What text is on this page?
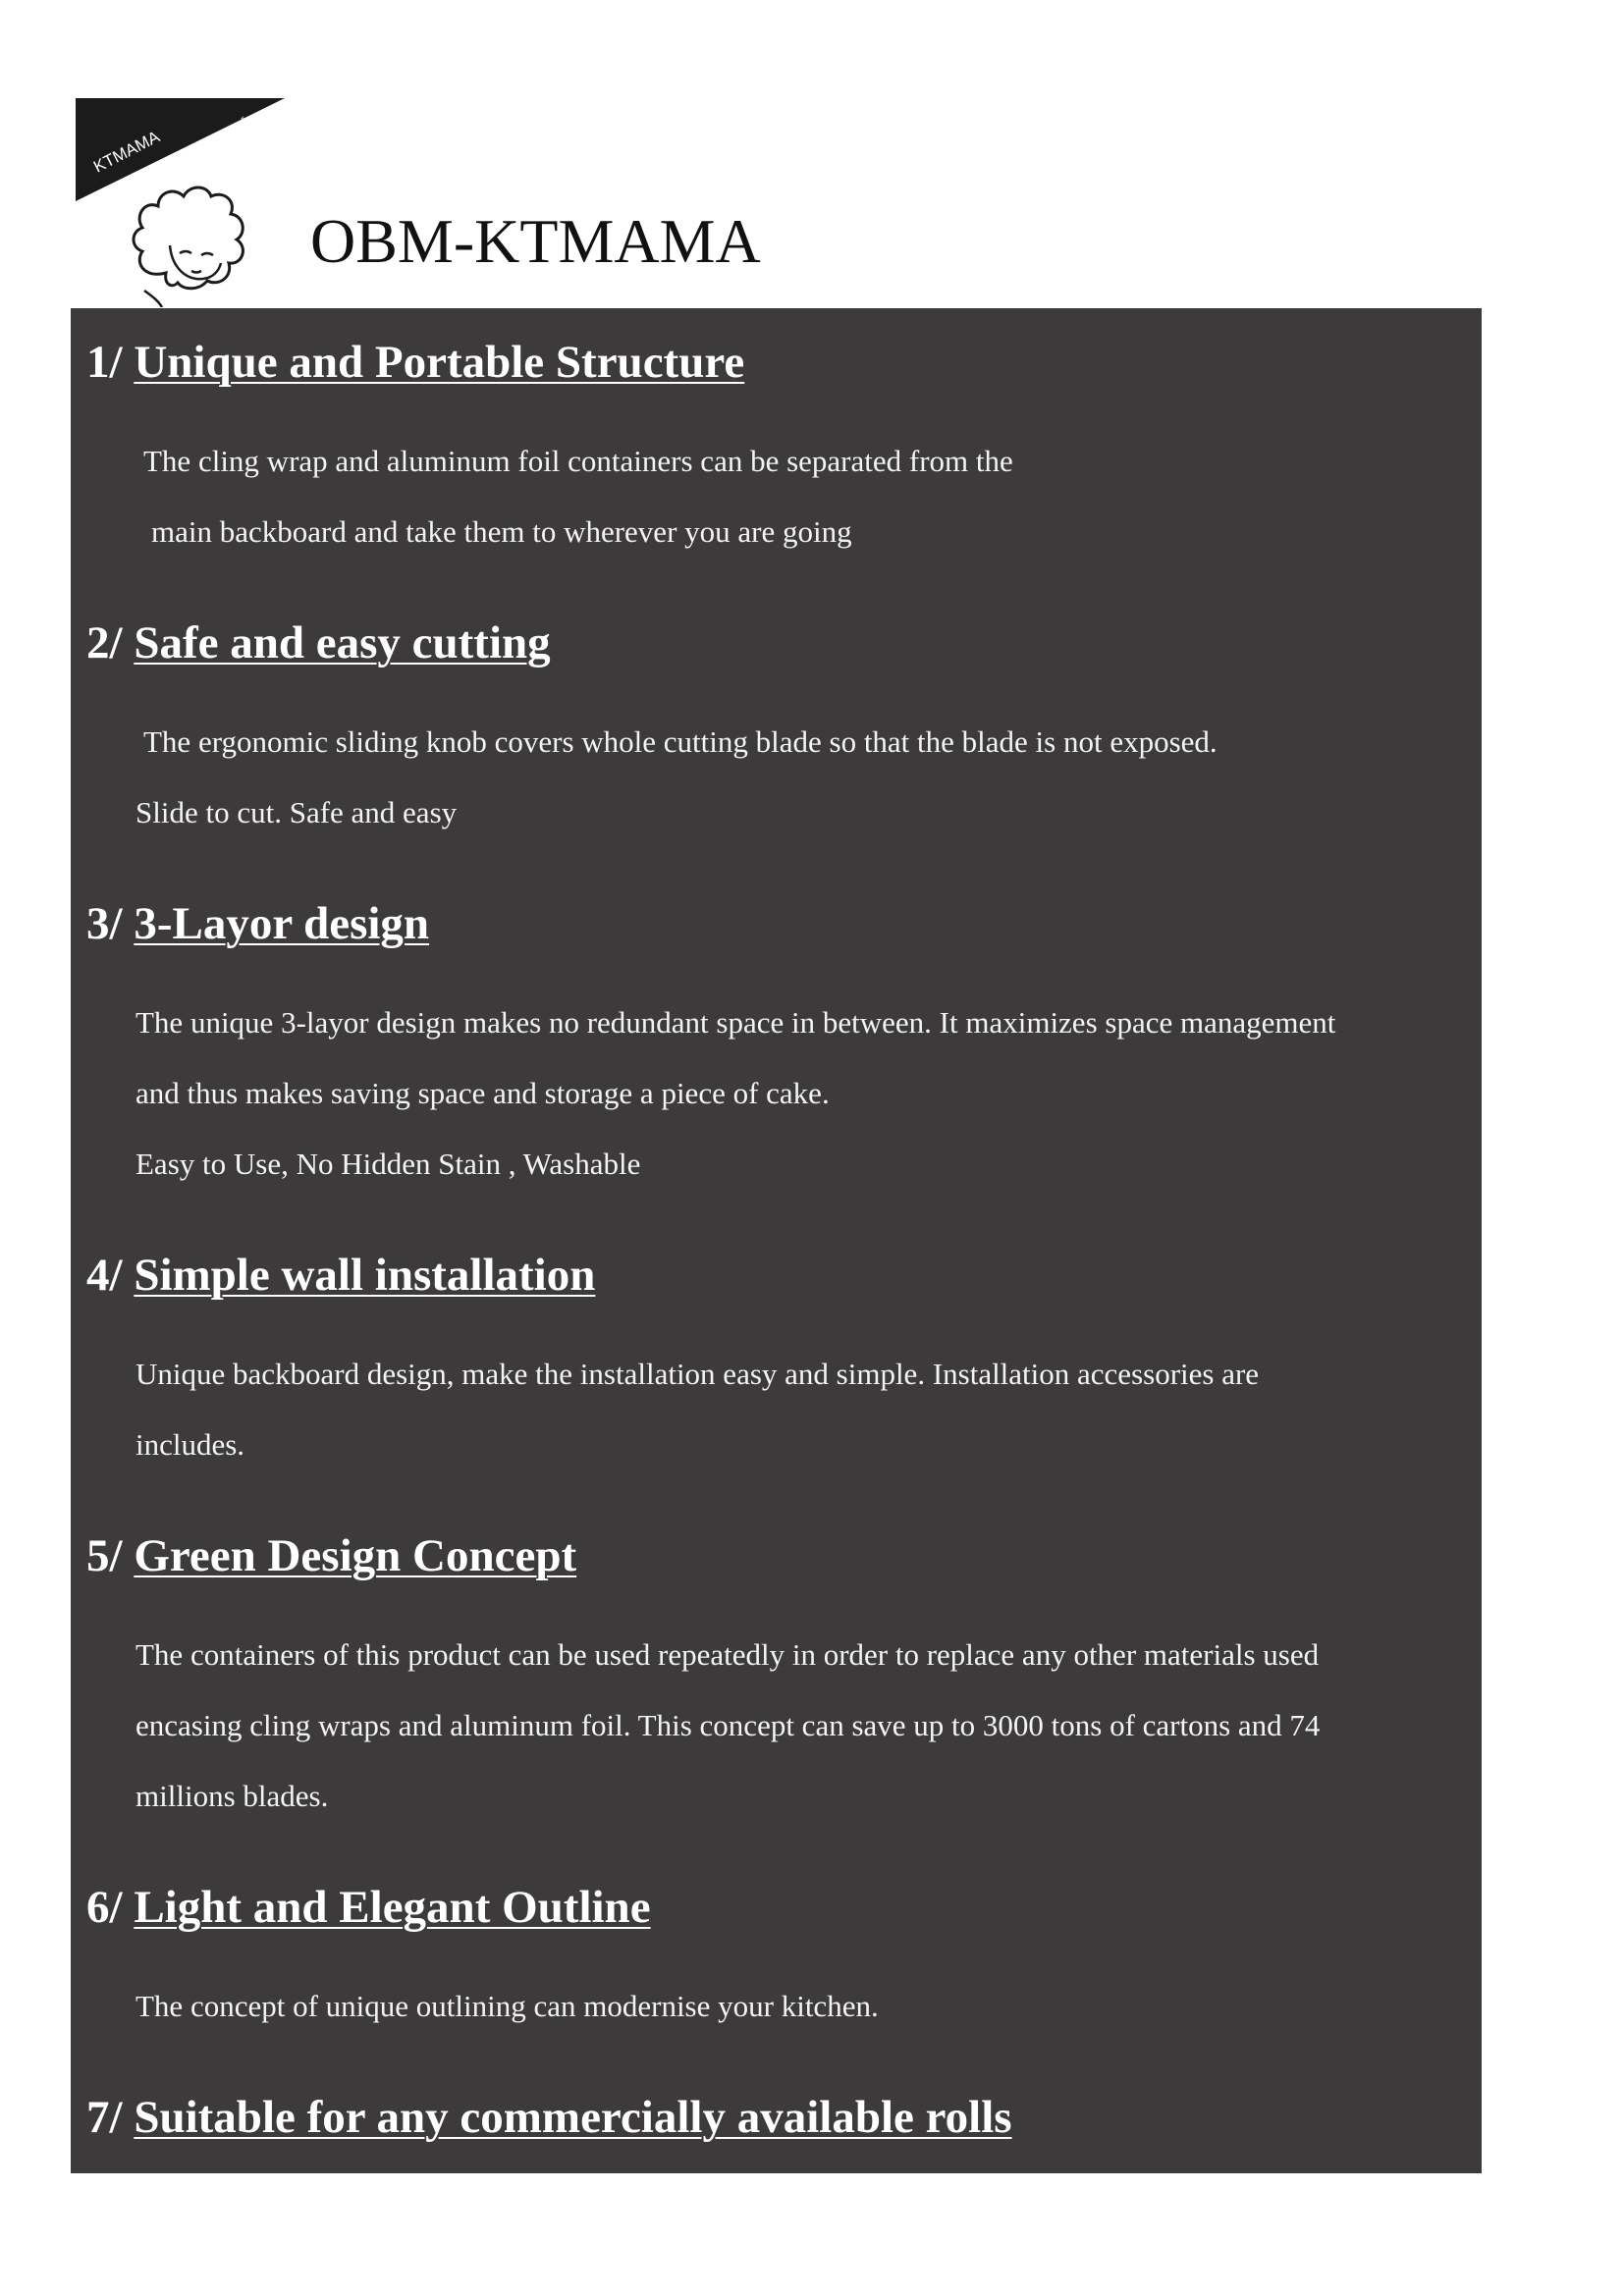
KTMAMA	www.kt-mama.com
OBM-KTMAMA
1/ Unique and Portable Structure
The cling wrap and aluminum foil containers can be separated from the
main backboard and take them to wherever you are going
2/ Safe and easy cutting
The ergonomic sliding knob covers whole cutting blade so that the blade is not exposed.
Slide to cut. Safe and easy
3/ 3-Layor design
The unique 3-layor design makes no redundant space in between. It maximizes space management
and thus makes saving space and storage a piece of cake.
Easy to Use, No Hidden Stain , Washable
4/ Simple wall installation
Unique backboard design, make the installation easy and simple. Installation accessories are
includes.
5/ Green Design Concept
The containers of this product can be used repeatedly in order to replace any other materials used
encasing cling wraps and aluminum foil. This concept can save up to 3000 tons of cartons and 74
millions blades.
6/ Light and Elegant Outline
The concept of unique outlining can modernise your kitchen.
7/ Suitable for any commercially available rolls
